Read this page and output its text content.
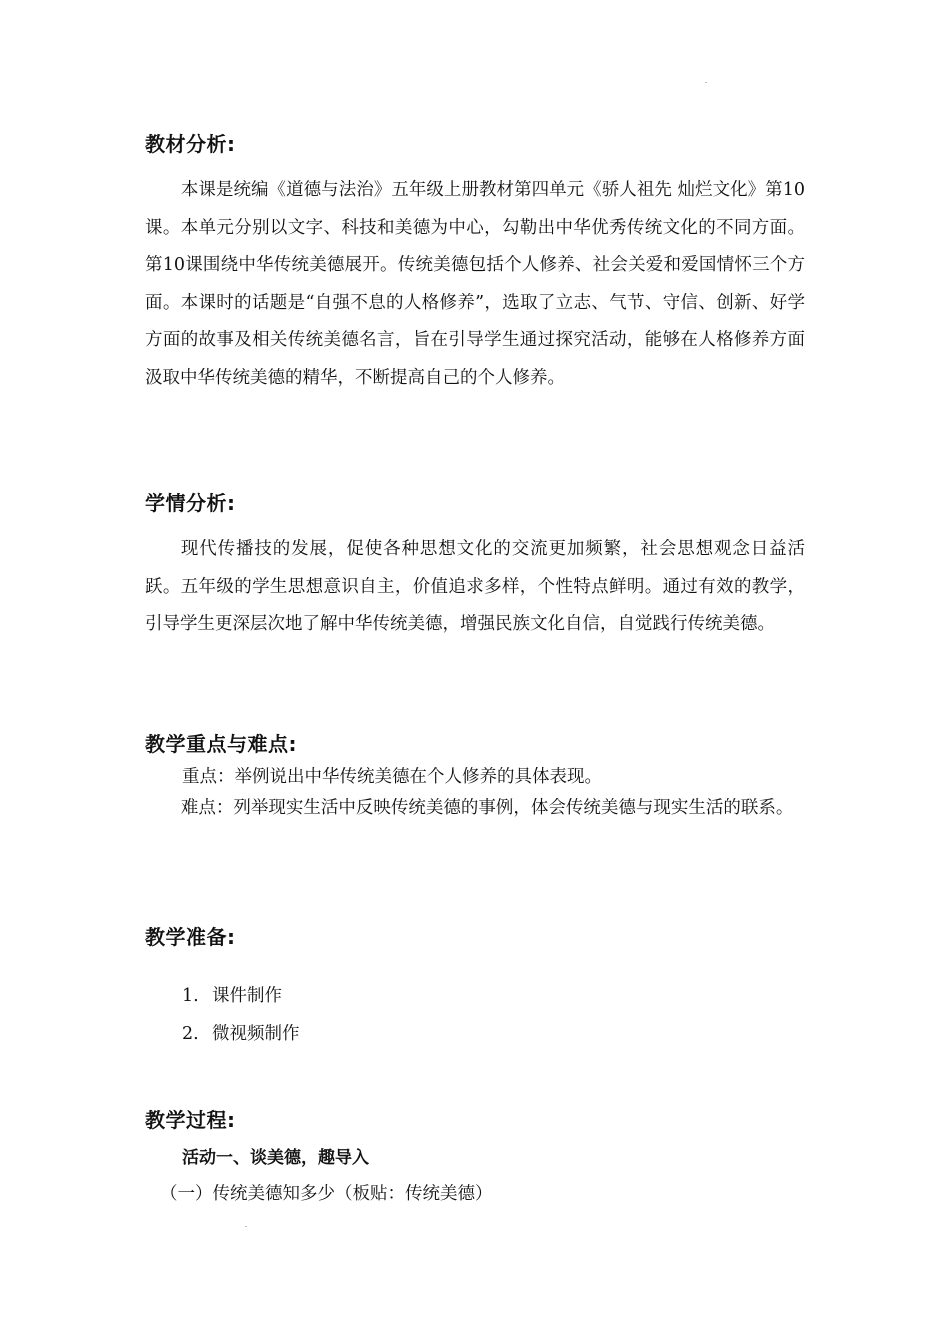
教材分析:

本课是统编《道德与法治》五年级上册教材第四单元《骄人祖先 灿烂文化》第10课。本单元分别以文字、科技和美德为中心，勾勒出中华优秀传统文化的不同方面。第10课围绕中华传统美德展开。传统美德包括个人修养、社会关爱和爱国情怀三个方面。本课时的话题是“自强不息的人格修养”，选取了立志、气节、守信、创新、好学方面的故事及相关传统美德名言，旨在引导学生通过探究活动，能够在人格修养方面汲取中华传统美德的精华，不断提高自己的个人修养。

学情分析:

现代传播技的发展，促使各种思想文化的交流更加频繁，社会思想观念日益活跃。五年级的学生思想意识自主，价值追求多样，个性特点鲜明。通过有效的教学，引导学生更深层次地了解中华传统美德，增强民族文化自信，自觉践行传统美德。

教学重点与难点:

重点：举例说出中华传统美德在个人修养的具体表现。

难点：列举现实生活中反映传统美德的事例，体会传统美德与现实生活的联系。

教学准备:
1. 课件制作
2. 微视频制作
教学过程:
活动一、谈美德，趣导入

（一）传统美德知多少（板贴：传统美德）
